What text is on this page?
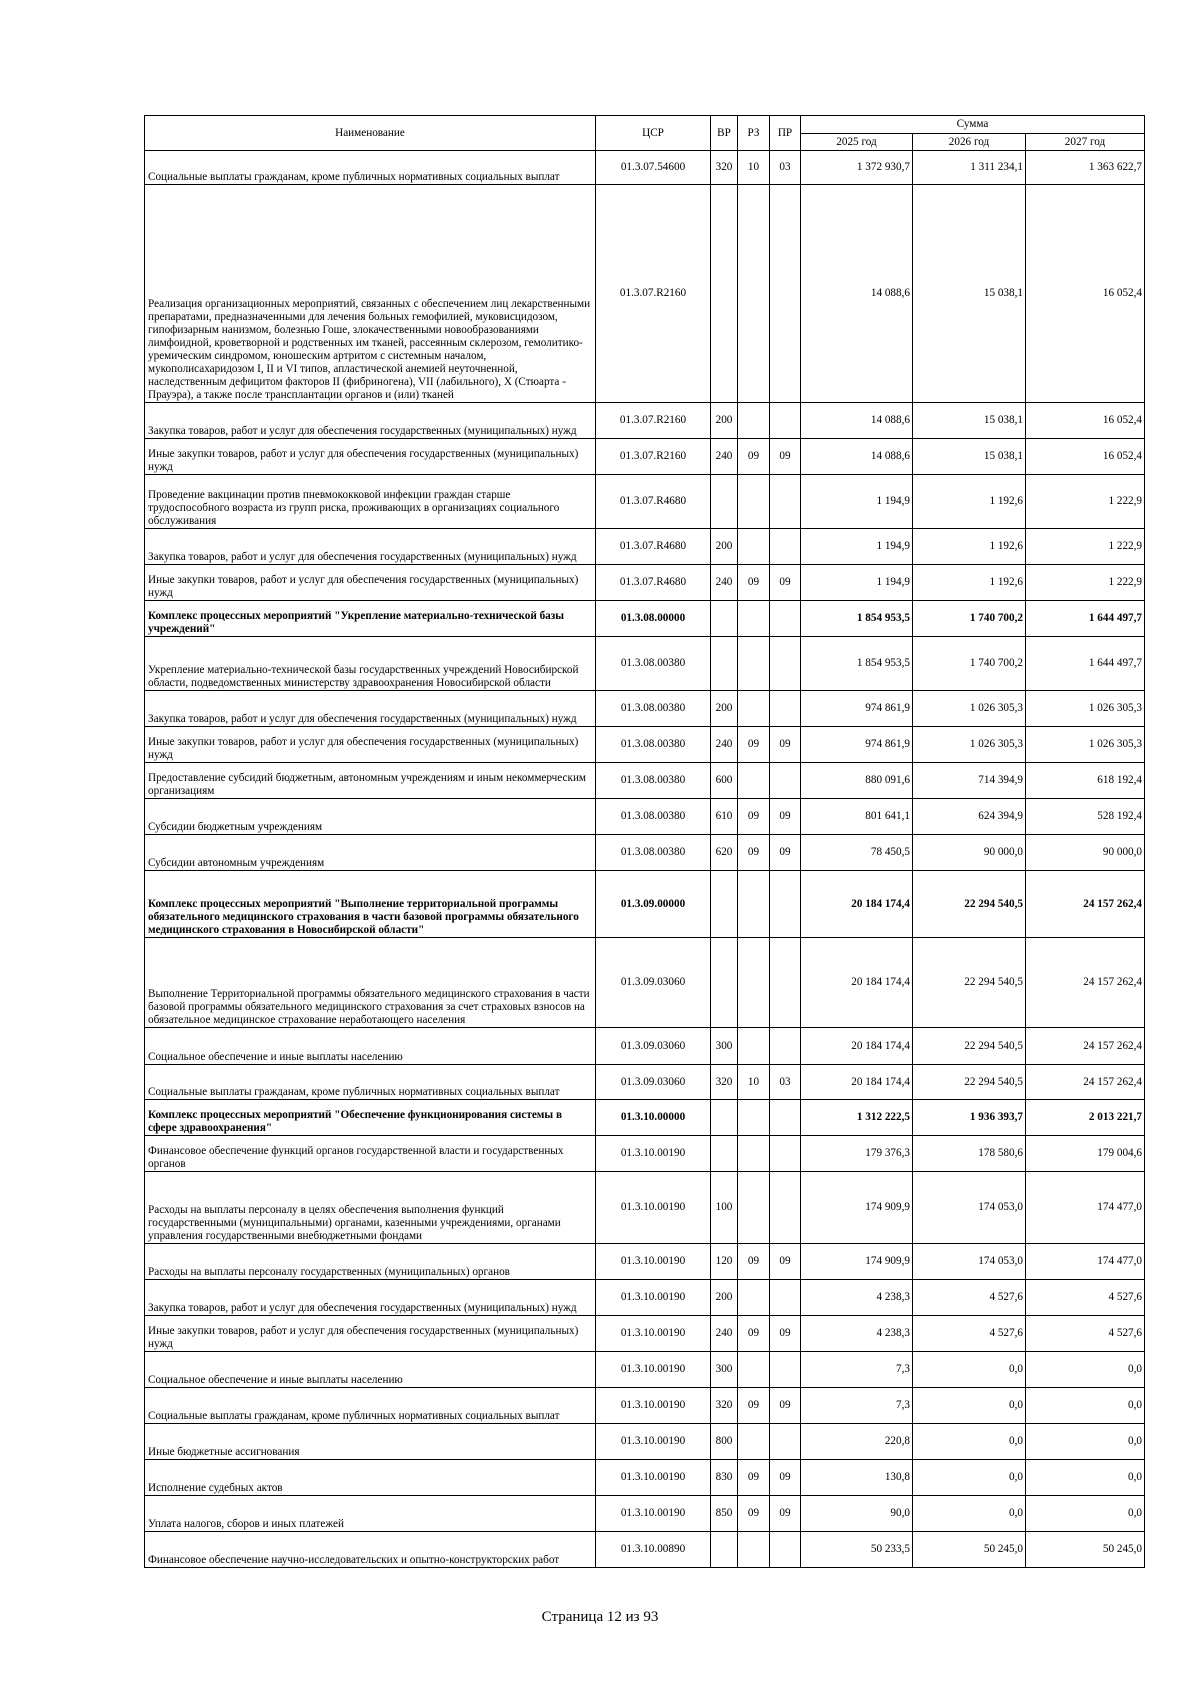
Наименование	ЦСР	ВР	РЗ	ПР	Сумма		
					2025 год	2026 год	2027 год
Социальные выплаты гражданам, кроме публичных нормативных социальных выплат	01.3.07.54600	320	10	03	1 372 930,7	1 311 234,1	1 363 622,7
Реализация организационных мероприятий, связанных с обеспечением лиц лекарственными препаратами, предназначенными для лечения больных гемофилией, муковисцидозом, гипофизарным нанизмом, болезнью Гоше, злокачественными новообразованиями лимфоидной, кроветворной и родственных им тканей, рассеянным склерозом, гемолитико-уремическим синдромом, юношеским артритом с системным началом, мукополисахаридозом I, II и VI типов, апластической анемией неуточненной, наследственным дефицитом факторов II (фибриногена), VII (лабильного), X (Стюарта - Прауэра), а также после трансплантации органов и (или) тканей	01.3.07.R2160				14 088,6	15 038,1	16 052,4
Закупка товаров, работ и услуг для обеспечения государственных (муниципальных) нужд	01.3.07.R2160	200			14 088,6	15 038,1	16 052,4
Иные закупки товаров, работ и услуг для обеспечения государственных (муниципальных) нужд	01.3.07.R2160	240	09	09	14 088,6	15 038,1	16 052,4
Проведение вакцинации против пневмококковой инфекции граждан старше трудоспособного возраста из групп риска, проживающих в организациях социального обслуживания	01.3.07.R4680				1 194,9	1 192,6	1 222,9
Закупка товаров, работ и услуг для обеспечения государственных (муниципальных) нужд	01.3.07.R4680	200			1 194,9	1 192,6	1 222,9
Иные закупки товаров, работ и услуг для обеспечения государственных (муниципальных) нужд	01.3.07.R4680	240	09	09	1 194,9	1 192,6	1 222,9
Комплекс процессных мероприятий "Укрепление материально-технической базы учреждений"	01.3.08.00000				1 854 953,5	1 740 700,2	1 644 497,7
Укрепление материально-технической базы государственных учреждений Новосибирской области, подведомственных министерству здравоохранения Новосибирской области	01.3.08.00380				1 854 953,5	1 740 700,2	1 644 497,7
Закупка товаров, работ и услуг для обеспечения государственных (муниципальных) нужд	01.3.08.00380	200			974 861,9	1 026 305,3	1 026 305,3
Иные закупки товаров, работ и услуг для обеспечения государственных (муниципальных) нужд	01.3.08.00380	240	09	09	974 861,9	1 026 305,3	1 026 305,3
Предоставление субсидий бюджетным, автономным учреждениям и иным некоммерческим организациям	01.3.08.00380	600			880 091,6	714 394,9	618 192,4
Субсидии бюджетным учреждениям	01.3.08.00380	610	09	09	801 641,1	624 394,9	528 192,4
Субсидии автономным учреждениям	01.3.08.00380	620	09	09	78 450,5	90 000,0	90 000,0
Комплекс процессных мероприятий "Выполнение территориальной программы обязательного медицинского страхования в части базовой программы обязательного медицинского страхования в Новосибирской области"	01.3.09.00000				20 184 174,4	22 294 540,5	24 157 262,4
Выполнение Территориальной программы обязательного медицинского страхования в части базовой программы обязательного медицинского страхования за счет страховых взносов на обязательное медицинское страхование неработающего населения	01.3.09.03060				20 184 174,4	22 294 540,5	24 157 262,4
Социальное обеспечение и иные выплаты населению	01.3.09.03060	300			20 184 174,4	22 294 540,5	24 157 262,4
Социальные выплаты гражданам, кроме публичных нормативных социальных выплат	01.3.09.03060	320	10	03	20 184 174,4	22 294 540,5	24 157 262,4
Комплекс процессных мероприятий "Обеспечение функционирования системы в сфере здравоохранения"	01.3.10.00000				1 312 222,5	1 936 393,7	2 013 221,7
Финансовое обеспечение функций органов государственной власти и государственных органов	01.3.10.00190				179 376,3	178 580,6	179 004,6
Расходы на выплаты персоналу в целях обеспечения выполнения функций государственными (муниципальными) органами, казенными учреждениями, органами управления государственными внебюджетными фондами	01.3.10.00190	100			174 909,9	174 053,0	174 477,0
Расходы на выплаты персоналу государственных (муниципальных) органов	01.3.10.00190	120	09	09	174 909,9	174 053,0	174 477,0
Закупка товаров, работ и услуг для обеспечения государственных (муниципальных) нужд	01.3.10.00190	200			4 238,3	4 527,6	4 527,6
Иные закупки товаров, работ и услуг для обеспечения государственных (муниципальных) нужд	01.3.10.00190	240	09	09	4 238,3	4 527,6	4 527,6
Социальное обеспечение и иные выплаты населению	01.3.10.00190	300			7,3	0,0	0,0
Социальные выплаты гражданам, кроме публичных нормативных социальных выплат	01.3.10.00190	320	09	09	7,3	0,0	0,0
Иные бюджетные ассигнования	01.3.10.00190	800			220,8	0,0	0,0
Исполнение судебных актов	01.3.10.00190	830	09	09	130,8	0,0	0,0
Уплата налогов, сборов и иных платежей	01.3.10.00190	850	09	09	90,0	0,0	0,0
Финансовое обеспечение научно-исследовательских и опытно-конструкторских работ	01.3.10.00890				50 233,5	50 245,0	50 245,0
Страница 12 из 93
